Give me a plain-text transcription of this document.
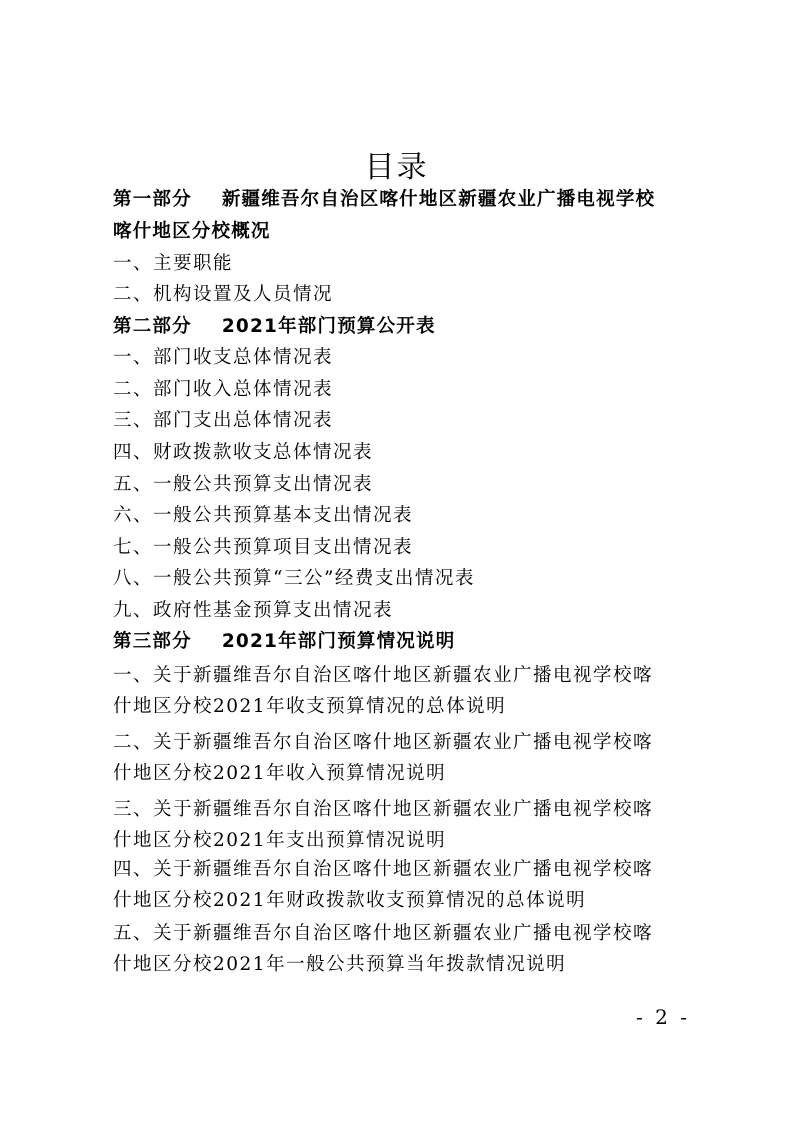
目录
第一部分 新疆维吾尔自治区喀什地区新疆农业广播电视学校
喀什地区分校概况
一、主要职能
二、机构设置及人员情况
第二部分 2021年部门预算公开表
一、部门收支总体情况表
二、部门收入总体情况表
三、部门支出总体情况表
四、财政拨款收支总体情况表
五、一般公共预算支出情况表
六、一般公共预算基本支出情况表
七、一般公共预算项目支出情况表
八、一般公共预算“三公”经费支出情况表
九、政府性基金预算支出情况表
第三部分 2021年部门预算情况说明
一、关于新疆维吾尔自治区喀什地区新疆农业广播电视学校喀
什地区分校2021年收支预算情况的总体说明
二、关于新疆维吾尔自治区喀什地区新疆农业广播电视学校喀
什地区分校2021年收入预算情况说明
三、关于新疆维吾尔自治区喀什地区新疆农业广播电视学校喀
什地区分校2021年支出预算情况说明
四、关于新疆维吾尔自治区喀什地区新疆农业广播电视学校喀
什地区分校2021年财政拨款收支预算情况的总体说明
五、关于新疆维吾尔自治区喀什地区新疆农业广播电视学校喀
什地区分校2021年一般公共预算当年拨款情况说明
- 2 -
